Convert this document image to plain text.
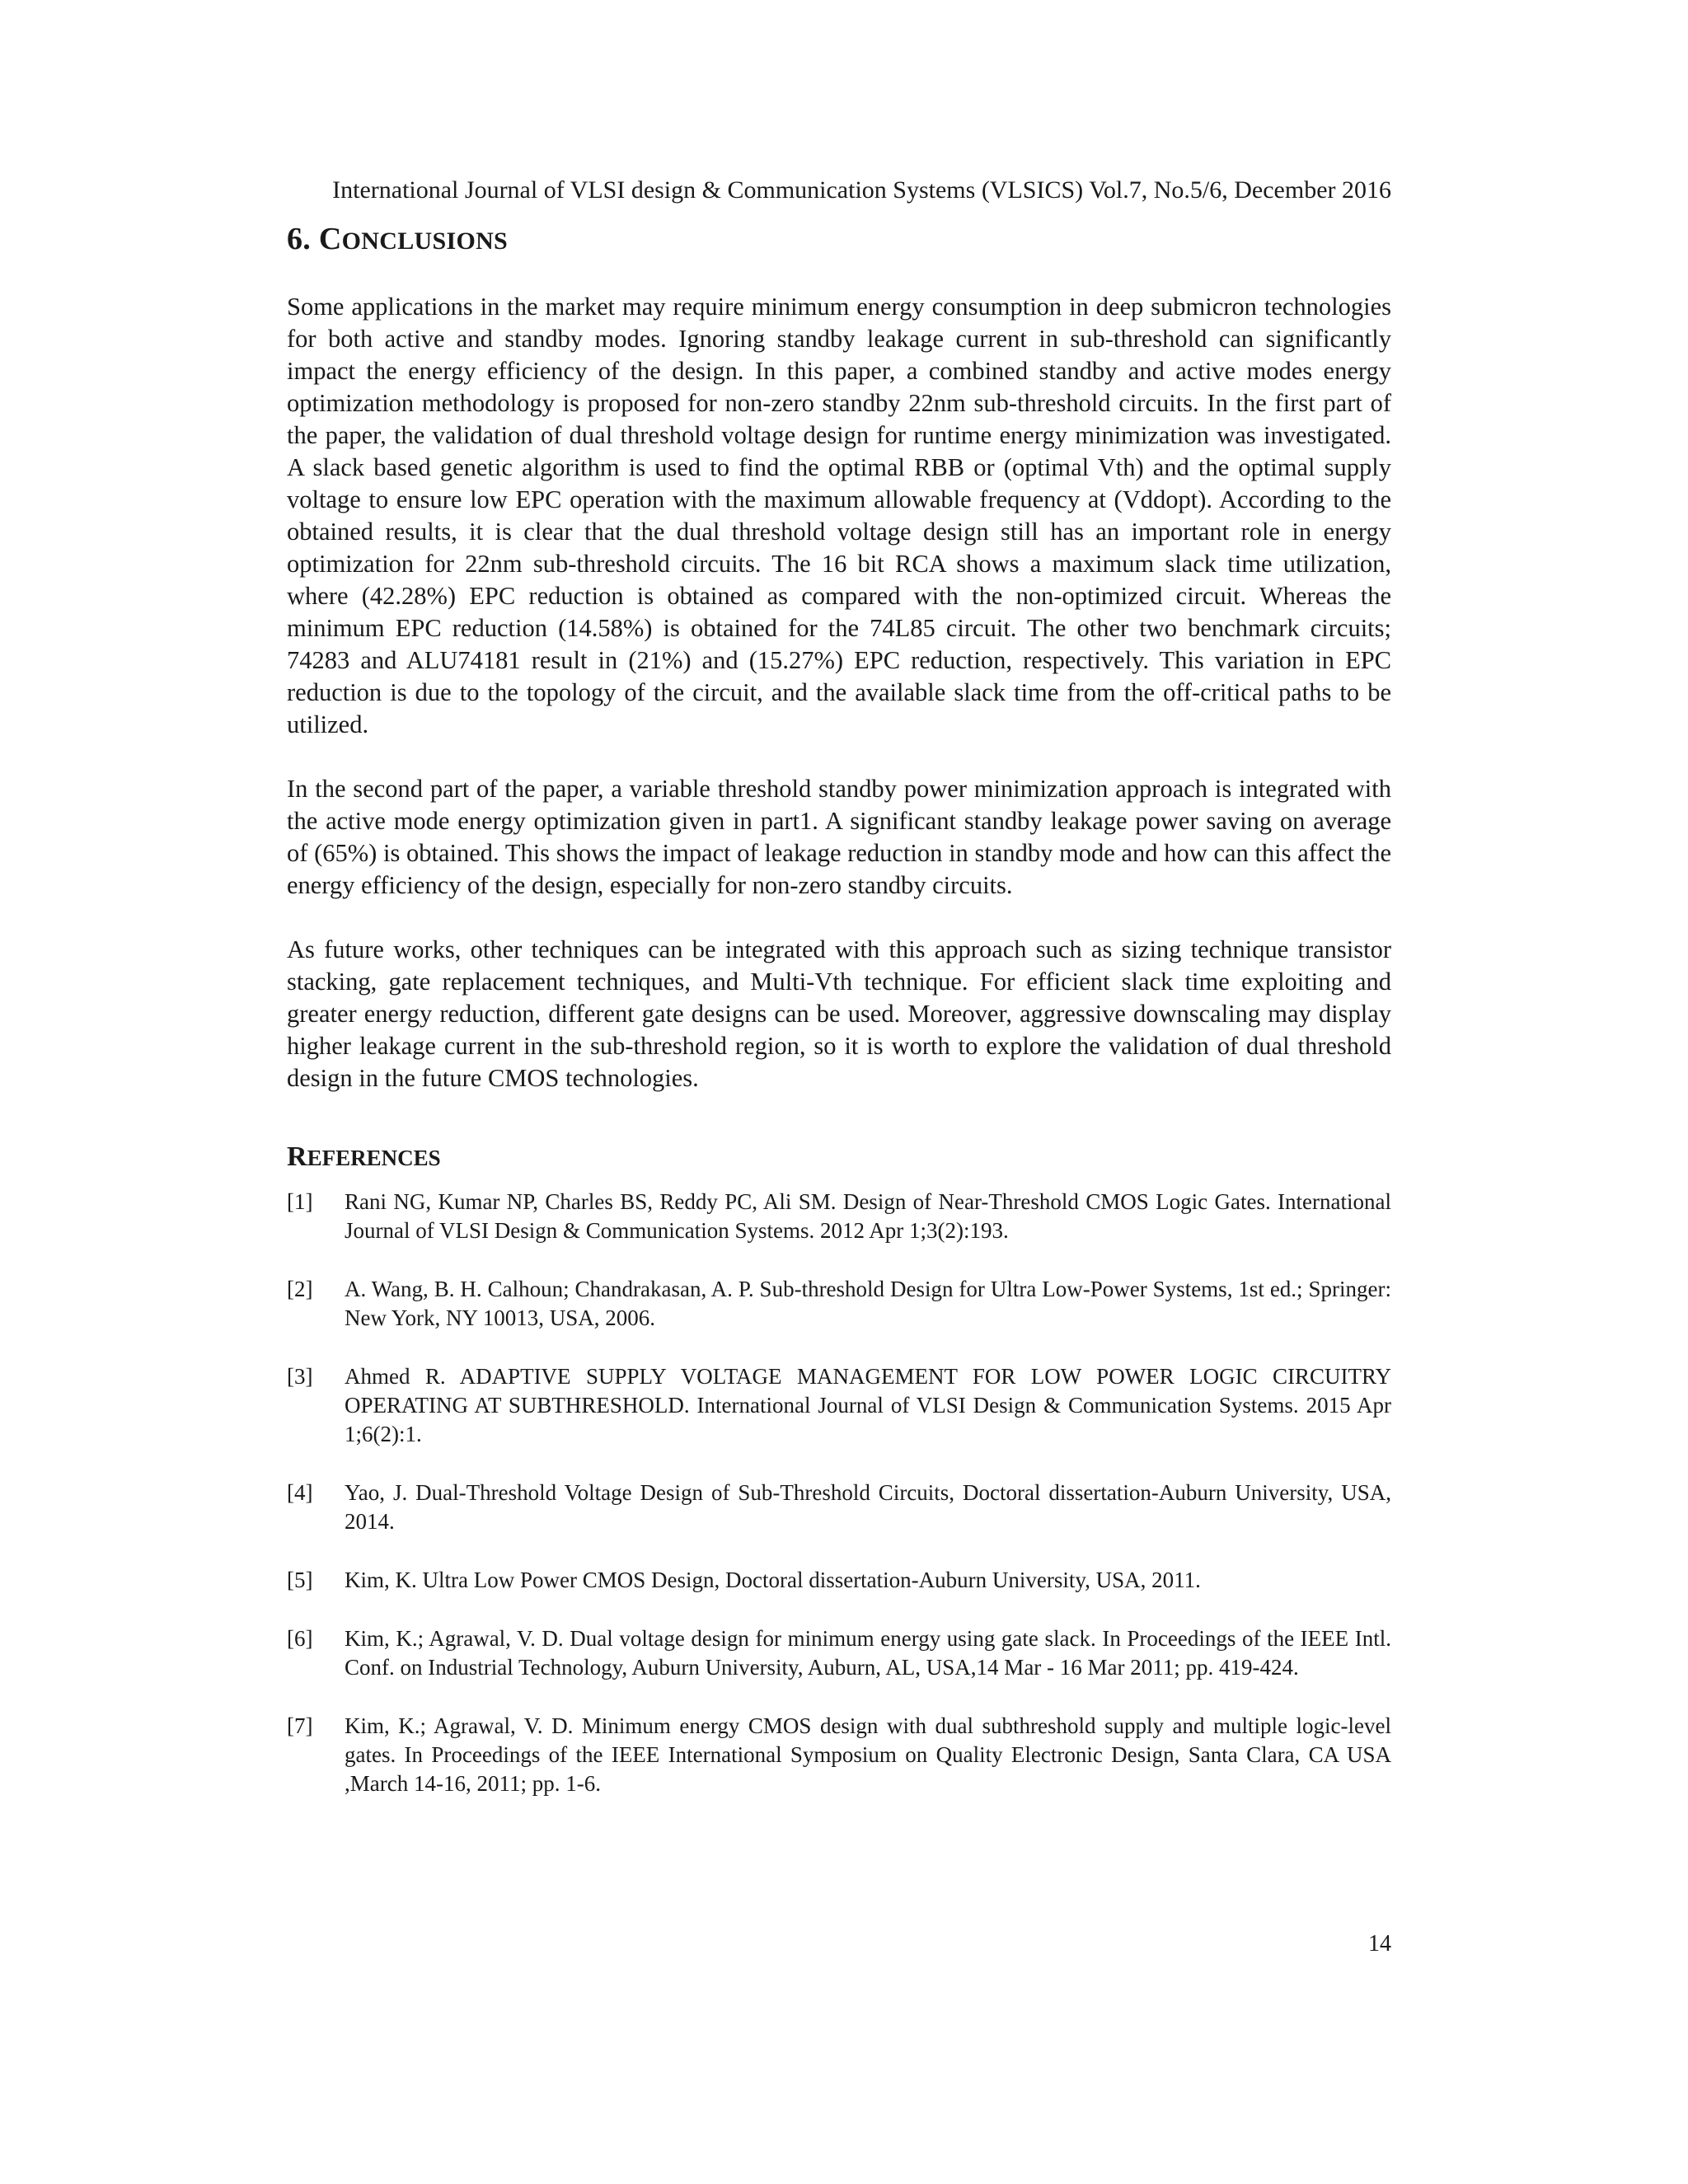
International Journal of VLSI design & Communication Systems (VLSICS) Vol.7, No.5/6, December 2016
6. CONCLUSIONS

Some applications in the market may require minimum energy consumption in deep submicron technologies for both active and standby modes. Ignoring standby leakage current in sub-threshold can significantly impact the energy efficiency of the design. In this paper, a combined standby and active modes energy optimization methodology is proposed for non-zero standby 22nm sub-threshold circuits. In the first part of the paper, the validation of dual threshold voltage design for runtime energy minimization was investigated. A slack based genetic algorithm is used to find the optimal RBB or (optimal Vth) and the optimal supply voltage to ensure low EPC operation with the maximum allowable frequency at (Vddopt). According to the obtained results, it is clear that the dual threshold voltage design still has an important role in energy optimization for 22nm sub-threshold circuits. The 16 bit RCA shows a maximum slack time utilization, where (42.28%) EPC reduction is obtained as compared with the non-optimized circuit. Whereas the minimum EPC reduction (14.58%) is obtained for the 74L85 circuit. The other two benchmark circuits; 74283 and ALU74181 result in (21%) and (15.27%) EPC reduction, respectively. This variation in EPC reduction is due to the topology of the circuit, and the available slack time from the off-critical paths to be utilized.

In the second part of the paper, a variable threshold standby power minimization approach is integrated with the active mode energy optimization given in part1. A significant standby leakage power saving on average of (65%) is obtained. This shows the impact of leakage reduction in standby mode and how can this affect the energy efficiency of the design, especially for non-zero standby circuits.

As future works, other techniques can be integrated with this approach such as sizing technique transistor stacking, gate replacement techniques, and Multi-Vth technique. For efficient slack time exploiting and greater energy reduction, different gate designs can be used. Moreover, aggressive downscaling may display higher leakage current in the sub-threshold region, so it is worth to explore the validation of dual threshold design in the future CMOS technologies.

REFERENCES
[1]	Rani NG, Kumar NP, Charles BS, Reddy PC, Ali SM. Design of Near-Threshold CMOS Logic Gates. International Journal of VLSI Design & Communication Systems. 2012 Apr 1;3(2):193.
[2]	A. Wang, B. H. Calhoun; Chandrakasan, A. P. Sub-threshold Design for Ultra Low-Power Systems, 1st ed.; Springer: New York, NY 10013, USA, 2006.
[3]	Ahmed R. ADAPTIVE SUPPLY VOLTAGE MANAGEMENT FOR LOW POWER LOGIC CIRCUITRY OPERATING AT SUBTHRESHOLD. International Journal of VLSI Design & Communication Systems. 2015 Apr 1;6(2):1.
[4]	Yao, J. Dual-Threshold Voltage Design of Sub-Threshold Circuits, Doctoral dissertation-Auburn University, USA, 2014.
[5]	Kim, K. Ultra Low Power CMOS Design, Doctoral dissertation-Auburn University, USA, 2011.
[6]	Kim, K.; Agrawal, V. D. Dual voltage design for minimum energy using gate slack. In Proceedings of the IEEE Intl. Conf. on Industrial Technology, Auburn University, Auburn, AL, USA,14 Mar - 16 Mar 2011; pp. 419-424.
[7]	Kim, K.; Agrawal, V. D. Minimum energy CMOS design with dual subthreshold supply and multiple logic-level gates. In Proceedings of the IEEE International Symposium on Quality Electronic Design, Santa Clara, CA USA ,March 14-16, 2011; pp. 1-6.
14
